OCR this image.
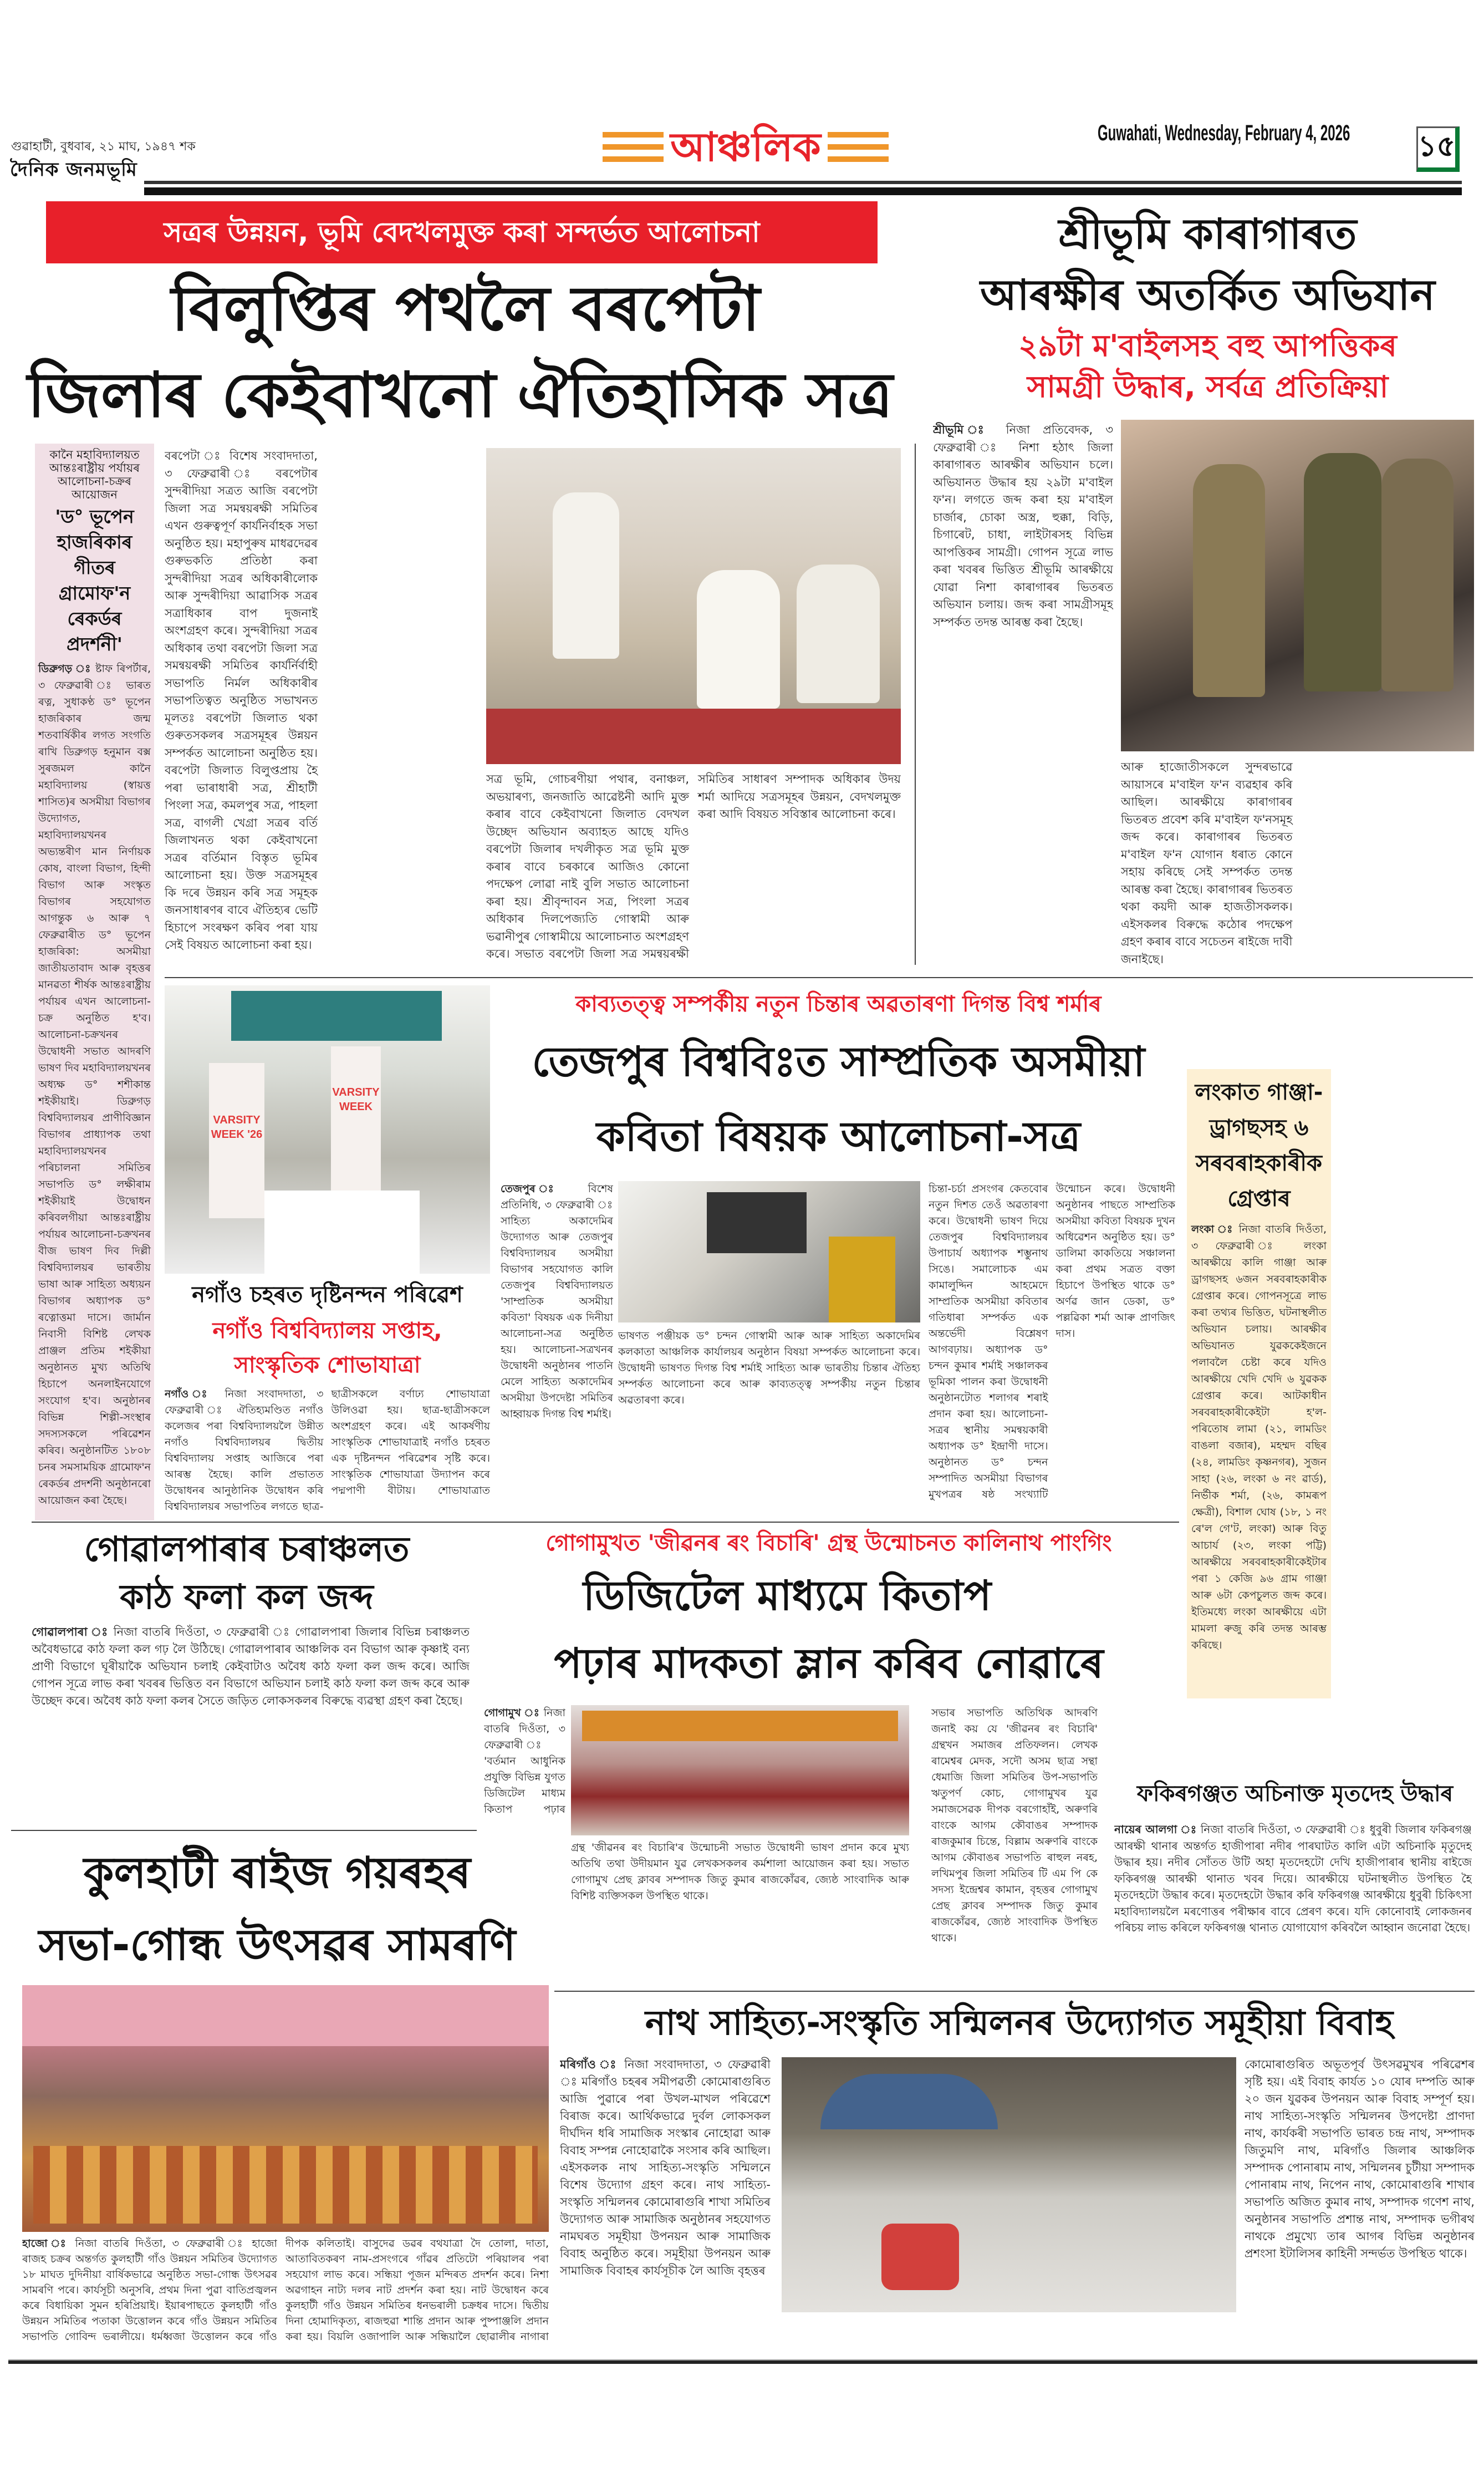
গুৱাহাটী, বুধবাৰ, ২১ মাঘ, ১৯৪৭ শক
দৈনিক জনমভূমি	আঞ্চলিক	Guwahati, Wednesday, February 4, 2026 ১৫
সত্ৰৰ উন্নয়ন, ভূমি বেদখলমুক্ত কৰা সন্দৰ্ভত আলোচনা
বিলুপ্তিৰ পথলৈ বৰপেটা
জিলাৰ কেইবাখনো ঐতিহাসিক সত্ৰ
কানৈ মহাবিদ্যালয়ত
আন্তঃৰাষ্ট্ৰীয় পৰ্যায়ৰ
আলোচনা-চক্ৰৰ আয়োজন
'ড° ভূপেন হাজৰিকাৰ গীতৰ গ্ৰামোফ'ন ৰেকৰ্ডৰ প্ৰদৰ্শনী'
ডিব্ৰুগড় ঃ ষ্টাফ ৰিপৰ্টাৰ, ৩ ফেব্ৰুৱাৰী ঃ ভাৰত ৰত্ন, সুধাকণ্ঠ ড° ভূপেন হাজৰিকাৰ জন্ম শতবাৰ্ষিকীৰ লগত সংগতি ৰাখি ডিব্ৰুগড় হনুমান বক্স সুৰজমল কানৈ মহাবিদ্যালয় (স্বায়ত্ত শাসিত)ৰ অসমীয়া বিভাগৰ উদ্যোগত, মহাবিদ্যালয়খনৰ অভ্যন্তৰীণ মান নিৰ্ণায়ক কোষ, বাংলা বিভাগ, হিন্দী বিভাগ আৰু সংস্কৃত বিভাগৰ সহযোগত আগন্তুক ৬ আৰু ৭ ফেব্ৰুৱাৰীত ড° ভূপেন হাজৰিকা: অসমীয়া জাতীয়তাবাদ আৰু বৃহত্তৰ মানৱতা শীৰ্ষক আন্তঃৰাষ্ট্ৰীয় পৰ্যায়ৰ এখন আলোচনা-চক্ৰ অনুষ্ঠিত হ'ব। আলোচনা-চক্ৰখনৰ উদ্বোধনী সভাত আদৰণি ভাষণ দিব মহাবিদ্যালয়খনৰ অধ্যক্ষ ড° শশীকান্ত শইকীয়াই। ডিব্ৰুগড় বিশ্ববিদ্যালয়ৰ প্ৰাণীবিজ্ঞান বিভাগৰ প্ৰাধ্যাপক তথা মহাবিদ্যালয়খনৰ পৰিচালনা সমিতিৰ সভাপতি ড° লক্ষীৰাম শইকীয়াই উদ্বোধন কৰিবলগীয়া আন্তঃৰাষ্ট্ৰীয় পৰ্যায়ৰ আলোচনা-চক্ৰখনৰ বীজ ভাষণ দিব দিল্লী বিশ্ববিদ্যালয়ৰ ভাৰতীয় ভাষা আৰু সাহিত্য অধ্যয়ন বিভাগৰ অধ্যাপক ড° ৰত্নোত্তমা দাসে। জাৰ্মান নিবাসী বিশিষ্ট লেখক প্ৰাঞ্জল প্ৰতিম শইকীয়া অনুষ্ঠানত মুখ্য অতিথি হিচাপে অনলাইনযোগে সংযোগ হ'ব। অনুষ্ঠানৰ বিভিন্ন শিল্পী-সংস্থাৰ সদস্যসকলে পৰিৱেশন কৰিব। অনুষ্ঠানটিত ১৮০৮ চনৰ সমসাময়িক গ্ৰামোফ'ন ৰেকৰ্ডৰ প্ৰদৰ্শনী অনুষ্ঠানৰো আয়োজন কৰা হৈছে।
বৰপেটা ঃ বিশেষ সংবাদদাতা, ৩ ফেব্ৰুৱাৰী ঃ বৰপেটাৰ সুন্দৰীদিয়া সত্ৰত আজি বৰপেটা জিলা সত্ৰ সমন্বয়ৰক্ষী সমিতিৰ এখন গুৰুত্বপূৰ্ণ কাৰ্যনিৰ্বাহক সভা অনুষ্ঠিত হয়। মহাপুৰুষ মাধৱদেৱৰ গুৰুভকতি প্ৰতিষ্ঠা কৰা সুন্দৰীদিয়া সত্ৰৰ অধিকাৰীলোক আৰু সুন্দৰীদিয়া আৱাসিক সত্ৰৰ সত্ৰাধিকাৰ বাপ দুজনাই অংশগ্ৰহণ কৰে। সুন্দৰীদিয়া সত্ৰৰ অধিকাৰ তথা বৰপেটা জিলা সত্ৰ সমন্বয়ৰক্ষী সমিতিৰ কাৰ্যৰ্নিৰ্বাহী সভাপতি নিৰ্মল অধিকাৰীৰ সভাপতিত্বত অনুষ্ঠিত সভাখনত মূলতঃ বৰপেটা জিলাত থকা গুৰুতসকলৰ সত্ৰসমূহৰ উন্নয়ন সম্পৰ্কত আলোচনা অনুষ্ঠিত হয়। বৰপেটা জিলাত বিলুপ্তপ্ৰায় হৈ পৰা ভাৰাধাৰী সত্ৰ, শ্ৰীহাটী পিংলা সত্ৰ, কমলপুৰ সত্ৰ, পাহলা সত্ৰ, বাগলী খেগ্ৰা সত্ৰৰ বৰ্তি জিলাখনত থকা কেইবাখনো সত্ৰৰ বৰ্তিমান বিস্তৃত ভূমিৰ আলোচনা হয়। উক্ত সত্ৰসমূহৰ কি দৰে উন্নয়ন কৰি সত্ৰ সমূহক জনসাধাৰণৰ বাবে ঐতিহ্যৰ ভেটি হিচাপে সংৰক্ষণ কৰিব পৰা যায় সেই বিষয়ত আলোচনা কৰা হয়।
সত্ৰ ভূমি, গোচৰণীয়া পথাৰ, বনাঞ্চল, অভয়াৰণ্য, জনজাতি আৱেষ্টনী আদি মুক্ত কৰাৰ বাবে কেইবাখনো জিলাত বেদখল উচ্ছেদ অভিযান অব্যাহত আছে যদিও বৰপেটা জিলাৰ দখলীকৃত সত্ৰ ভূমি মুক্ত কৰাৰ বাবে চৰকাৰে আজিও কোনো পদক্ষেপ লোৱা নাই বুলি সভাত আলোচনা কৰা হয়। শ্ৰীবৃন্দাবন সত্ৰ, পিংলা সত্ৰৰ অধিকাৰ দিলপেজ্যতি গোস্বামী আৰু ভৱানীপুৰ গোস্বামীয়ে আলোচনাত অংশগ্ৰহণ কৰে। সভাত বৰপেটা জিলা সত্ৰ সমন্বয়ৰক্ষী সমিতিৰ সাধাৰণ সম্পাদক অধিকাৰ উদয় শৰ্মা আদিয়ে সত্ৰসমূহৰ উন্নয়ন, বেদখলমুক্ত কৰা আদি বিষয়ত সবিস্তাৰ আলোচনা কৰে।
শ্ৰীভূমি কাৰাগাৰত
আৰক্ষীৰ অতৰ্কিত অভিযান
২৯টা ম'বাইলসহ বহু আপত্তিকৰ
সামগ্ৰী উদ্ধাৰ, সৰ্বত্ৰ প্ৰতিক্ৰিয়া
শ্ৰীভূমি ঃ নিজা প্ৰতিবেদক, ৩ ফেব্ৰুৱাৰী ঃ নিশা হঠাৎ জিলা কাৰাগাৰত আৰক্ষীৰ অভিযান চলে। অভিযানত উদ্ধাৰ হয় ২৯টা ম'বাইল ফ'ন। লগতে জব্দ কৰা হয় ম'বাইল চাৰ্জাৰ, চোকা অস্ত্ৰ, হুক্কা, বিড়ি, চিগাৰেট, চাধা, লাইটাৰসহ বিভিন্ন আপত্তিকৰ সামগ্ৰী। গোপন সূত্ৰে লাভ কৰা খবৰৰ ভিত্তিত শ্ৰীভূমি আৰক্ষীয়ে যোৱা নিশা কাৰাগাৰৰ ভিতৰত অভিযান চলায়। জব্দ কৰা সামগ্ৰীসমূহ সম্পৰ্কত তদন্ত আৰম্ভ কৰা হৈছে।
আৰু হাজোতীসকলে সুন্দৰভাৱে আয়াসৰে ম'বাইল ফ'ন ব্যৱহাৰ কৰি আছিল। আৰক্ষীয়ে কাৰাগাৰৰ ভিতৰত প্ৰবেশ কৰি ম'বাইল ফ'নসমূহ জব্দ কৰে। কাৰাগাৰৰ ভিতৰত ম'বাইল ফ'ন যোগান ধৰাত কোনে সহায় কৰিছে সেই সম্পৰ্কত তদন্ত আৰম্ভ কৰা হৈছে। কাৰাগাৰৰ ভিতৰত থকা কয়দী আৰু হাজতীসকলক। এইসকলৰ বিৰুদ্ধে কঠোৰ পদক্ষেপ গ্ৰহণ কৰাৰ বাবে সচেতন ৰাইজে দাবী জনাইছে।
VARSITY WEEK '26
VARSITY WEEK
নগাঁও চহৰত দৃষ্টিনন্দন পৰিৱেশ
নগাঁও বিশ্ববিদ্যালয় সপ্তাহ,
সাংস্কৃতিক শোভাযাত্ৰা
নগাঁও ঃ নিজা সংবাদদাতা, ৩ ফেব্ৰুৱাৰী ঃ ঐতিহ্যমণ্ডিত নগাঁও কলেজৰ পৰা বিশ্ববিদ্যালয়লৈ উন্নীত নগাঁও বিশ্ববিদ্যালয়ৰ দ্বিতীয় বিশ্ববিদ্যালয় সপ্তাহ আজিৰে পৰা আৰম্ভ হৈছে। কালি প্ৰভাতত উদ্বোধনৰ আনুষ্ঠানিক উদ্বোধন কৰি বিশ্ববিদ্যালয়ৰ সভাপতিৰ লগতে ছাত্ৰ-ছাত্ৰীসকলে বৰ্ণাঢ্য শোভাযাত্ৰা উলিওৱা হয়। ছাত্ৰ-ছাত্ৰীসকলে অংশগ্ৰহণ কৰে। এই আকৰ্ষণীয় সাংস্কৃতিক শোভাযাত্ৰাই নগাঁও চহৰত এক দৃষ্টিনন্দন পৰিৱেশৰ সৃষ্টি কৰে। সাংস্কৃতিক শোভাযাত্ৰা উদ্যাপন কৰে পদ্মপাণী বীটায়। শোভাযাত্ৰাত
কাব্যতত্ত্ব সম্পৰ্কীয় নতুন চিন্তাৰ অৱতাৰণা দিগন্ত বিশ্ব শৰ্মাৰ
তেজপুৰ বিশ্ববিঃত সাম্প্ৰতিক অসমীয়া
কবিতা বিষয়ক আলোচনা-সত্ৰ
তেজপুৰ ঃ বিশেষ প্ৰতিনিধি, ৩ ফেব্ৰুৱাৰী ঃ সাহিত্য অকাদেমিৰ উদ্যোগত আৰু তেজপুৰ বিশ্ববিদ্যালয়ৰ অসমীয়া বিভাগৰ সহযোগত কালি তেজপুৰ বিশ্ববিদ্যালয়ত 'সাম্প্ৰতিক অসমীয়া কবিতা' বিষয়ক এক দিনীয়া আলোচনা-সত্ৰ অনুষ্ঠিত হয়। আলোচনা-সত্ৰখনৰ উদ্বোধনী অনুষ্ঠানৰ পাতনি মেলে সাহিত্য অকাদেমিৰ অসমীয়া উপদেষ্টা সমিতিৰ আহ্বায়ক দিগন্ত বিশ্ব শৰ্মাই।
ভাষণত পঞ্জীয়ক ড° চন্দন গোস্বামী আৰু আৰু সাহিত্য অকাদেমিৰ কলকাতা আঞ্চলিক কাৰ্যালয়ৰ অনুষ্ঠান বিষয়া সম্পৰ্কত আলোচনা কৰে। উদ্বোধনী ভাষণত দিগন্ত বিশ্ব শৰ্মাই সাহিত্য আৰু ভাৰতীয় চিন্তাৰ ঐতিহ্য সম্পৰ্কত আলোচনা কৰে আৰু কাব্যতত্ত্ব সম্পৰ্কীয় নতুন চিন্তাৰ অৱতাৰণা কৰে।
চিন্তা-চৰ্চা প্ৰসংগৰ কেতবোৰ নতুন দিশত তেওঁ অৱতাৰণা কৰে। উদ্বোধনী ভাষণ দিয়ে তেজপুৰ বিশ্ববিদ্যালয়ৰ উপাচাৰ্য অধ্যাপক শম্ভুনাথ সিঙে। সমালোচক এম কামালুদ্দিন আহমেদে সাম্প্ৰতিক অসমীয়া কবিতাৰ গতিধাৰা সম্পৰ্কত এক অন্তৰ্ভেদী বিশ্লেষণ আগবঢ়ায়। অধ্যাপক ড° চন্দন কুমাৰ শৰ্মাই সঞ্চালকৰ ভূমিকা পালন কৰা উদ্বোধনী অনুষ্ঠানটোত শলাগৰ শৰাই প্ৰদান কৰা হয়। আলোচনা-সত্ৰৰ স্থানীয় সমন্বয়কাৰী অধ্যাপক ড° ইন্দ্ৰাণী দাসে। অনুষ্ঠানত ড° চন্দন সম্পাদিত অসমীয়া বিভাগৰ মুখপত্ৰৰ ষষ্ঠ সংখ্যাটি উন্মোচন কৰে। উদ্বোধনী অনুষ্ঠানৰ পাছতে সাম্প্ৰতিক অসমীয়া কবিতা বিষয়ক দুখন অধিৱেশন অনুষ্ঠিত হয়। ড° ডালিমা কাকতিয়ে সঞ্চালনা কৰা প্ৰথম সত্ৰত বক্তা হিচাপে উপস্থিত থাকে ড° অৰ্ণৱ জান ডেকা, ড° পল্লৱিকা শৰ্মা আৰু প্ৰাণজিৎ দাস।
লংকাত গাঞ্জা-ড্ৰাগছসহ ৬ সৰবৰাহকাৰীক গ্ৰেপ্তাৰ
লংকা ঃ নিজা বাতৰি দিওঁতা, ৩ ফেব্ৰুৱাৰী ঃ লংকা আৰক্ষীয়ে কালি গাঞ্জা আৰু ড্ৰাগছসহ ৬জন সৰবৰাহকাৰীক গ্ৰেপ্তাৰ কৰে। গোপনসূত্ৰে লাভ কৰা তথ্যৰ ভিত্তিত, ঘটনাস্থলীত অভিযান চলায়। আৰক্ষীৰ অভিযানত যুৱককেইজনে পলাবলৈ চেষ্টা কৰে যদিও আৰক্ষীয়ে খেদি খেদি ৬ যুৱকক গ্ৰেপ্তাৰ কৰে। আটকাধীন সৰবৰাহকাৰীকেইটা হ'ল- পৰিতোষ লামা (২১, লামডিং বাঙলা বজাৰ), মহম্মদ বছিৰ (২৪, লামডিং কৃষ্ণনগৰ), সুজন সাহা (২৬, লংকা ৬ নং ৱাৰ্ড), নিৰ্ভীক শৰ্মা, (২৬, কামৰূপ ক্ষেত্ৰী), বিশাল ঘোষ (১৮, ১ নং ৰে'ল গে'ট, লংকা) আৰু বিতু আচাৰ্য (২৩, লংকা পট্টি) আৰক্ষীয়ে সৰবৰাহকাৰীকেইটাৰ পৰা ১ কেজি ৯৬ গ্ৰাম গাঞ্জা আৰু ৬টা কেপচুলত জব্দ কৰে। ইতিমধ্যে লংকা আৰক্ষীয়ে এটা মামলা ৰুজু কৰি তদন্ত আৰম্ভ কৰিছে।
গোৱালপাৰাৰ চৰাঞ্চলত
কাঠ ফলা কল জব্দ
গোৱালপাৰা ঃ নিজা বাতৰি দিওঁতা, ৩ ফেব্ৰুৱাৰী ঃ গোৱালপাৰা জিলাৰ বিভিন্ন চৰাঞ্চলত অবৈধভাৱে কাঠ ফলা কল গঢ় লৈ উঠিছে। গোৱালপাৰাৰ আঞ্চলিক বন বিভাগ আৰু কৃষ্ণাই বন্য প্ৰাণী বিভাগে ঘূৰীয়াকৈ অভিযান চলাই কেইবাটাও অবৈধ কাঠ ফলা কল জব্দ কৰে। আজি গোপন সূত্ৰে লাভ কৰা খবৰৰ ভিত্তিত বন বিভাগে অভিযান চলাই কাঠ ফলা কল জব্দ কৰে আৰু উচ্ছেদ কৰে। অবৈধ কাঠ ফলা কলৰ সৈতে জড়িত লোকসকলৰ বিৰুদ্ধে ব্যৱস্থা গ্ৰহণ কৰা হৈছে।
গোগামুখত 'জীৱনৰ ৰং বিচাৰি' গ্ৰন্থ উন্মোচনত কালিনাথ পাংগিং
ডিজিটেল মাধ্যমে কিতাপ
পঢ়াৰ মাদকতা ম্লান কৰিব নোৱাৰে
গোগামুখ ঃ নিজা বাতৰি দিওঁতা, ৩ ফেব্ৰুৱাৰী ঃ 'বৰ্তমান আধুনিক প্ৰযুক্তি বিভিন্ন যুগত ডিজিটেল মাধ্যম কিতাপ পঢ়াৰ
গ্ৰন্থ 'জীৱনৰ ৰং বিচাৰি'ৰ উন্মোচনী সভাত উদ্বোধনী ভাষণ প্ৰদান কৰে মুখ্য অতিথি তথা উদীয়মান যুৱ লেখকসকলৰ কৰ্মশালা আয়োজন কৰা হয়। সভাত গোগামুখ প্ৰেছ ক্লাবৰ সম্পাদক জিতু কুমাৰ ৰাজকোঁৱৰ, জ্যেষ্ঠ সাংবাদিক আৰু বিশিষ্ট ব্যক্তিসকল উপস্থিত থাকে।
সভাৰ সভাপতি অতিথিক আদৰণি জনাই কয় যে 'জীৱনৰ ৰং বিচাৰি' গ্ৰন্থখন সমাজৰ প্ৰতিফলন। লেখক ৰামেশ্বৰ মেদক, সদৌ অসম ছাত্ৰ সন্থা ধেমাজি জিলা সমিতিৰ উপ-সভাপতি ঋতুপৰ্ণ কোচ, গোগামুখৰ যুৱ সমাজসেৱক দীপক বৰগোহাঁই, অৰুণৰি বাংকে আগম কৌবাঙৰ সম্পাদক ৰাজকুমাৰ চিন্তে, বিল্লাম অৰুণৰি বাংকে আগম কৌবাঙৰ সভাপতি ৰাহুল নৰহ, লখিমপুৰ জিলা সমিতিৰ টি এম পি কে সদস্য ইন্দ্ৰেশ্বৰ কামান, বৃহত্তৰ গোগামুখ প্ৰেছ ক্লাবৰ সম্পাদক জিতু কুমাৰ ৰাজকোঁৱৰ, জ্যেষ্ঠ সাংবাদিক উপস্থিত থাকে।
ফকিৰগঞ্জত অচিনাক্ত মৃতদেহ উদ্ধাৰ
নায়েৰ আলগা ঃ নিজা বাতৰি দিওঁতা, ৩ ফেব্ৰুৱাৰী ঃ ধুবুৰী জিলাৰ ফকিৰগঞ্জ আৰক্ষী থানাৰ অন্তৰ্গত হাজীপাৰা নদীৰ পাৰঘাটত কালি এটা অচিনাকি মৃতুদেহ উদ্ধাৰ হয়। নদীৰ সোঁতত উটি অহা মৃতদেহটো দেখি হাজীপাৰাৰ স্থানীয় ৰাইজে ফকিৰগঞ্জ আৰক্ষী থানাত খবৰ দিয়ে। আৰক্ষীয়ে ঘটনাস্থলীত উপস্থিত হৈ মৃতদেহটো উদ্ধাৰ কৰে। মৃতদেহটো উদ্ধাৰ কৰি ফকিৰগঞ্জ আৰক্ষীয়ে ধুবুৰী চিকিৎসা মহাবিদ্যালয়লৈ মৰণোত্তৰ পৰীক্ষাৰ বাবে প্ৰেৰণ কৰে। যদি কোনোবাই লোকজনৰ পৰিচয় লাভ কৰিলে ফকিৰগঞ্জ থানাত যোগাযোগ কৰিবলৈ আহ্বান জনোৱা হৈছে।
কুলহাটী ৰাইজ গয়ৰহৰ
সভা-গোন্ধ উৎসৱৰ সামৰণি
হাজো ঃ নিজা বাতৰি দিওঁতা, ৩ ফেব্ৰুৱাৰী ঃ হাজো ৰাজহ চক্ৰৰ অন্তৰ্গত কুলহাটী গাঁও উন্নয়ন সমিতিৰ উদ্যোগত ১৮ মাঘত দুদিনীয়া বাৰ্ষিকভাৱে অনুষ্ঠিত সভা-গোন্ধ উৎসৱৰ সামৰণি পৰে। কাৰ্যসূচী অনুসৰি, প্ৰথম দিনা পুৱা বাতিপ্ৰজ্বলন কৰে বিধায়িকা সুমন হৰিপ্ৰিয়াই। ইয়াৰপাছতে কুলহাটী গাঁও উন্নয়ন সমিতিৰ পতাকা উত্তোলন কৰে গাঁও উন্নয়ন সমিতিৰ সভাপতি গোবিন্দ ভৰালীয়ে। ধৰ্মধ্বজা উত্তোলন কৰে গাঁও
দীপক কলিতাই। বাসুদেৱ ডৱৰ বথযাত্ৰা দৈ তোলা, দাতা, আতাবিতকৰণ নাম-প্ৰসংগৰে গাঁৱৰ প্ৰতিটো পৰিয়ালৰ পৰা সহযোগ লাভ কৰে। সন্ধিয়া পূজন মন্দিৰত প্ৰদৰ্শন কৰে। নিশা অৱগাহন নাট্য দলৰ নাট প্ৰদৰ্শন কৰা হয়। নাট উদ্বোধন কৰে কুলহাটী গাঁও উন্নয়ন সমিতিৰ ধনভৰালী চক্ৰধৰ দাসে। দ্বিতীয় দিনা হোমাদিকৃত্য, ৰাজহুৱা শান্তি প্ৰদান আৰু পুষ্পাঞ্জলি প্ৰদান কৰা হয়। বিয়লি ওজাপালি আৰু সন্ধিয়ালৈ ছোৱালীৰ নাগাৰা
নাথ সাহিত্য-সংস্কৃতি সন্মিলনৰ উদ্যোগত সমূহীয়া বিবাহ
মৰিগাঁও ঃ নিজা সংবাদদাতা, ৩ ফেব্ৰুৱাৰী ঃ মৰিগাঁও চহৰৰ সমীপৱৰ্তী কোমোৰাগুৰিত আজি পুৱাৰে পৰা উখল-মাখল পৰিৱেশে বিৰাজ কৰে। আৰ্থিকভাৱে দুৰ্বল লোকসকল দীৰ্ঘদিন ধৰি সামাজিক সংস্কাৰ নোহোৱা আৰু বিবাহ সম্পন্ন নোহোৱাকৈ সংসাৰ কৰি আছিল। এইসকলক নাথ সাহিত্য-সংস্কৃতি সন্মিলনে বিশেষ উদ্যোগ গ্ৰহণ কৰে। নাথ সাহিত্য-সংস্কৃতি সন্মিলনৰ কোমোৰাগুৰি শাখা সমিতিৰ উদ্যোগত আৰু সামাজিক অনুষ্ঠানৰ সহযোগত নামঘৰত সমূহীয়া উপনয়ন আৰু সামাজিক বিবাহ অনুষ্ঠিত কৰে। সমূহীয়া উপনয়ন আৰু সামাজিক বিবাহৰ কাৰ্যসূচীক লৈ আজি বৃহত্তৰ
কোমোৰাগুৰিত অভূতপূৰ্ব উৎসৱমুখৰ পৰিৱেশৰ সৃষ্টি হয়। এই বিবাহ কাৰ্যত ১০ যোৰ দম্পতি আৰু ২০ জন যুৱকৰ উপনয়ন আৰু বিবাহ সম্পূৰ্ণ হয়। নাথ সাহিত্য-সংস্কৃতি সন্মিলনৰ উপদেষ্টা প্ৰাণদা নাথ, কাৰ্যকৰী সভাপতি ভাৰত চন্দ্ৰ নাথ, সম্পাদক জিতুমণি নাথ, মৰিগাঁও জিলাৰ আঞ্চলিক সম্পাদক পোনাৰাম নাথ, সন্মিলনৰ চুটীয়া সম্পাদক পোনাৰাম নাথ, নিপেন নাথ, কোমোৰাগুৰি শাখাৰ সভাপতি অজিত কুমাৰ নাথ, সম্পাদক গণেশ নাথ, অনুষ্ঠানৰ সভাপতি প্ৰশান্ত নাথ, সম্পাদক ভগীৰথ নাথকে প্ৰমুখ্যে তাৰ আগৰ বিভিন্ন অনুষ্ঠানৰ প্ৰশংসা ইটালিসৰ কাহিনী সন্দৰ্ভত উপস্থিত থাকে।
